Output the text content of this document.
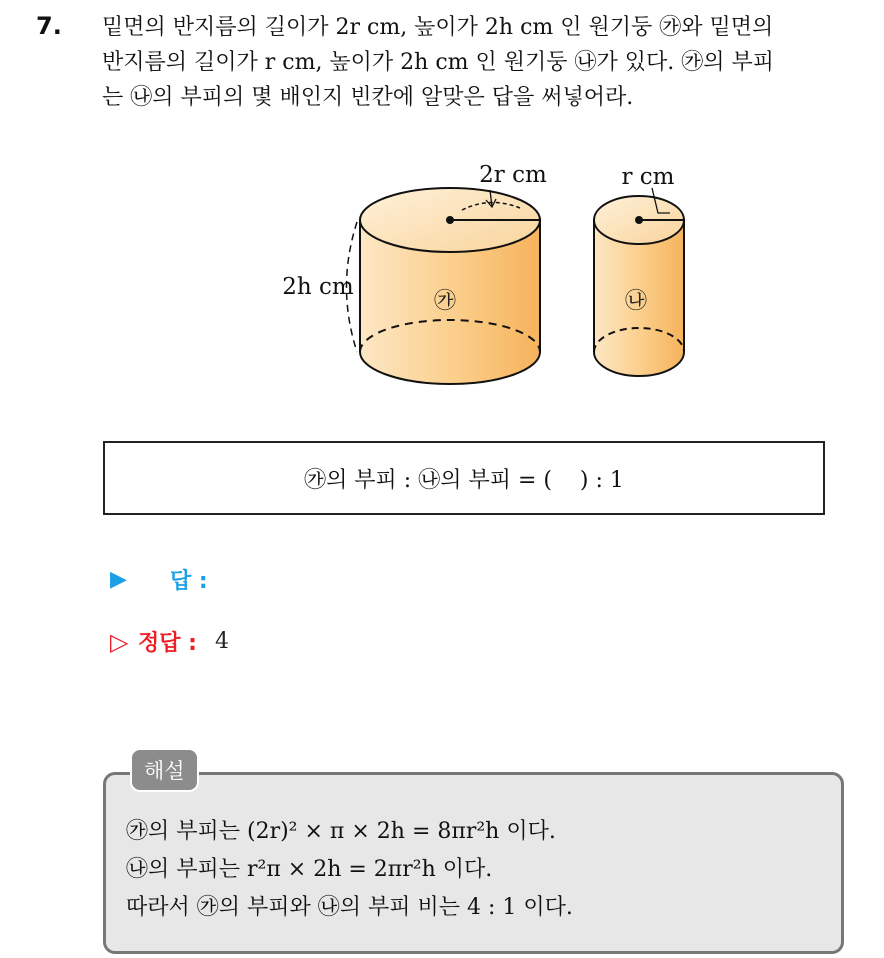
7. 밑면의 반지름의 길이가 2r cm, 높이가 2h cm 인 원기둥 ㉮와 밑면의
반지름의 길이가 r cm, 높이가 2h cm 인 원기둥 ㉯가 있다. ㉮의 부피
는 ㉯의 부피의 몇 배인지 빈칸에 알맞은 답을 써넣어라.
2r cm
2h cm
㉮
r cm
㉯
㉮의 부피 : ㉯의 부피 = (    ) : 1
▶	답 :
▷ 정답 : 4
해설
㉮의 부피는 (2r)² × π × 2h = 8πr²h 이다.
㉯의 부피는 r²π × 2h = 2πr²h 이다.
따라서 ㉮의 부피와 ㉯의 부피 비는 4 : 1 이다.
